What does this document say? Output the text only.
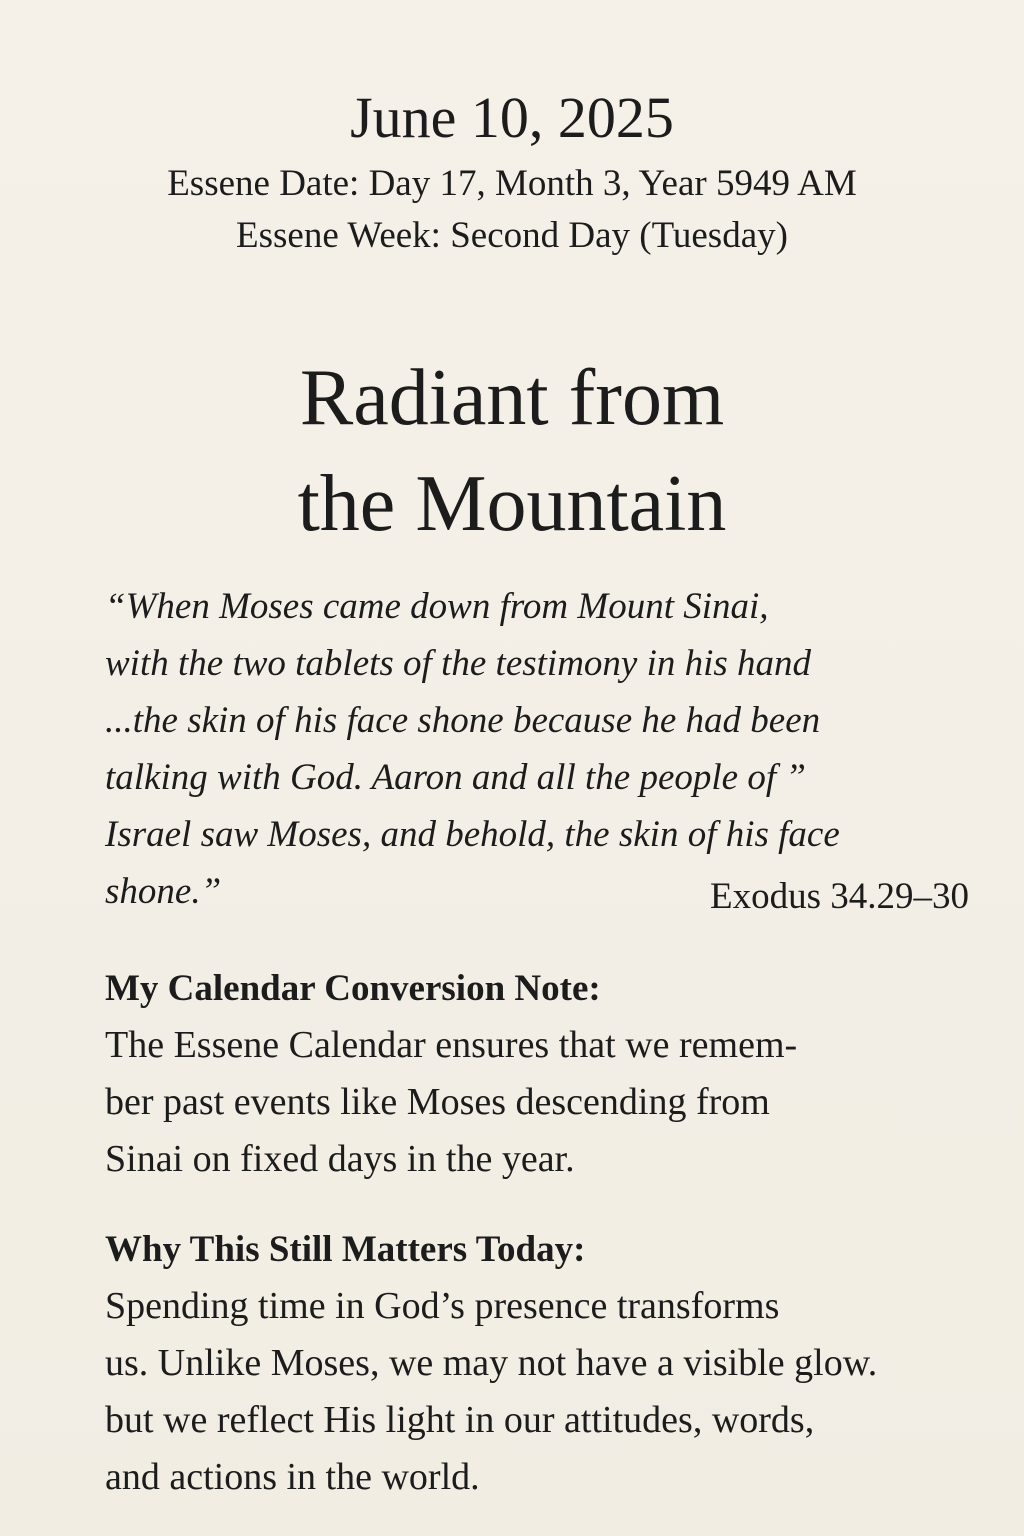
June 10, 2025

Essene Date: Day 17, Month 3, Year 5949 AM

Essene Week: Second Day (Tuesday)

Radiant from
the Mountain
“When Moses came down from Mount Sinai,
with the two tablets of the testimony in his hand
...the skin of his face shone because he had been
talking with God. Aaron and all the people of ”
Israel saw Moses, and behold, the skin of his face
shone.”	Exodus 34.29–30
My Calendar Conversion Note:
The Essene Calendar ensures that we remem-
ber past events like Moses descending from
Sinai on fixed days in the year.
Why This Still Matters Today:
Spending time in God’s presence transforms
us. Unlike Moses, we may not have a visible glow.
but we reflect His light in our attitudes, words,
and actions in the world.
